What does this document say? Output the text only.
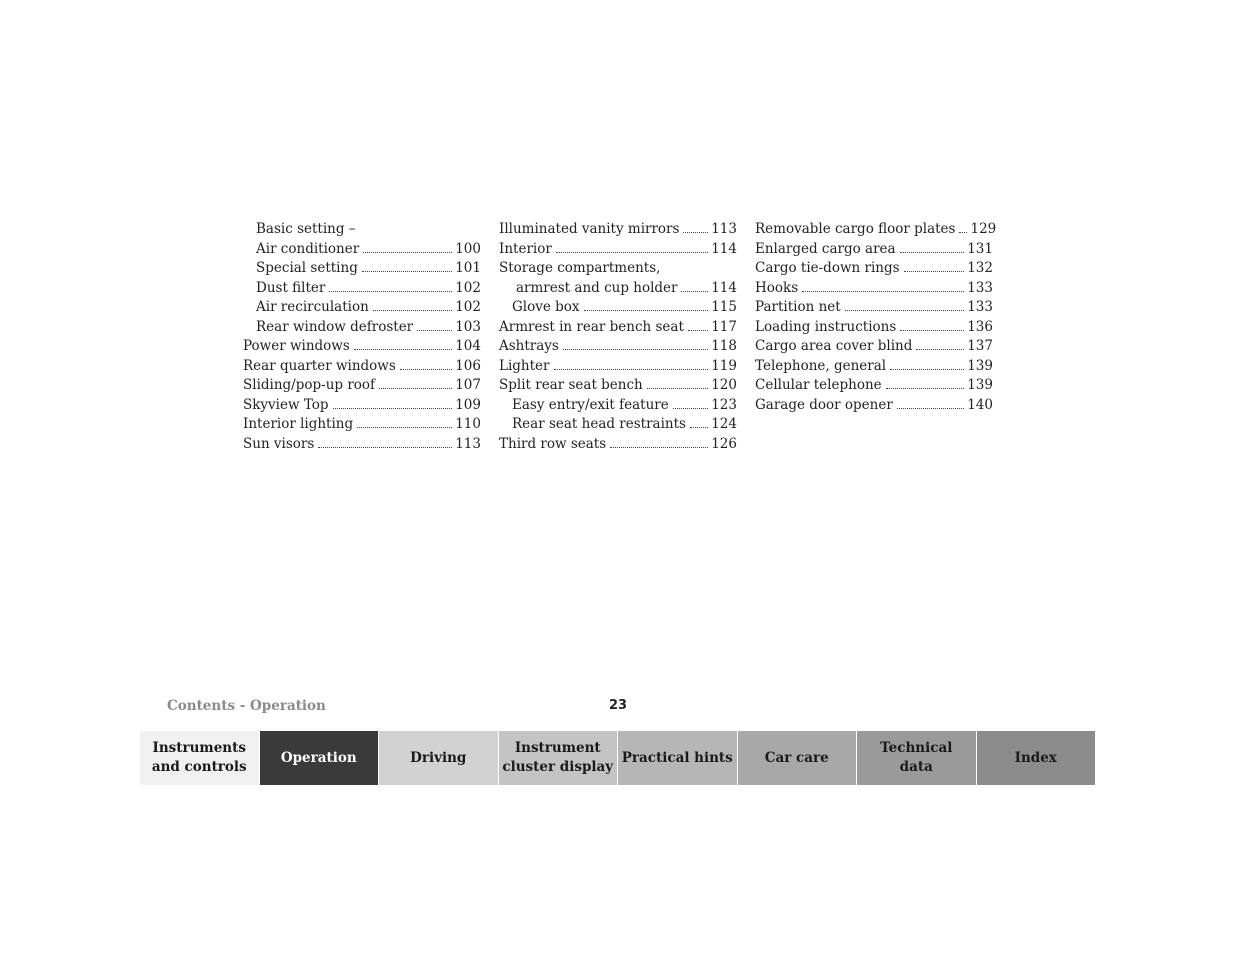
Basic setting –
Air conditioner	100
Special setting	101
Dust filter	102
Air recirculation	102
Rear window defroster	103
Power windows	104
Rear quarter windows	106
Sliding/pop-up roof	107
Skyview Top	109
Interior lighting	110
Sun visors	113
Illuminated vanity mirrors 113
Interior	114
Storage compartments,
armrest and cup holder 114
Glove box	115
Armrest in rear bench seat 117
Ashtrays	118
Lighter	119
Split rear seat bench	120
Easy entry/exit feature	123
Rear seat head restraints 124
Third row seats	126
Removable cargo floor plates 129
Enlarged cargo area	131
Cargo tie-down rings	132
Hooks	133
Partition net	133
Loading instructions	136
Cargo area cover blind	137
Telephone, general	139
Cellular telephone	139
Garage door opener	140
Contents - Operation	23
Instruments
and controls
Operation	Driving
Instrument
cluster display
Practical hints	Car care
Technical
data
Index
